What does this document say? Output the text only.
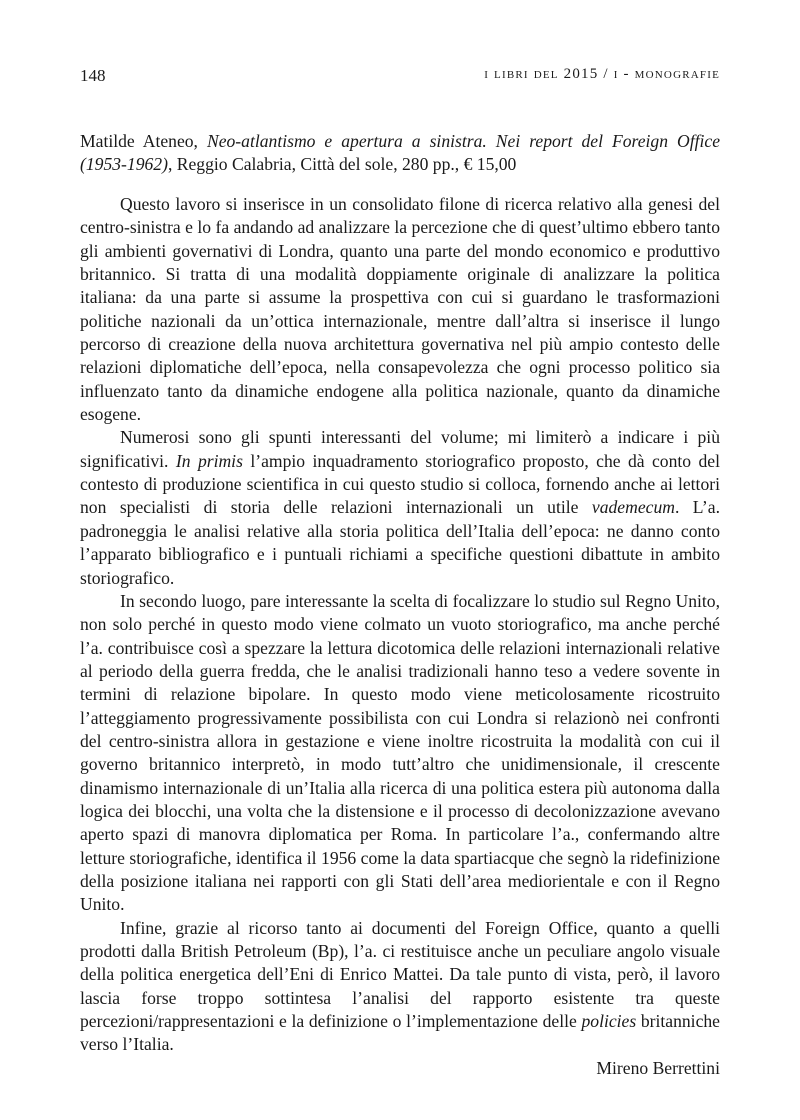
148	i libri del 2015 / i - monografie
Matilde Ateneo, Neo-atlantismo e apertura a sinistra. Nei report del Foreign Office (1953-1962), Reggio Calabria, Città del sole, 280 pp., € 15,00

Questo lavoro si inserisce in un consolidato filone di ricerca relativo alla genesi del centro-sinistra e lo fa andando ad analizzare la percezione che di quest’ultimo ebbero tanto gli ambienti governativi di Londra, quanto una parte del mondo economico e produttivo britannico. Si tratta di una modalità doppiamente originale di analizzare la politica italiana: da una parte si assume la prospettiva con cui si guardano le trasformazioni politiche nazionali da un’ottica internazionale, mentre dall’altra si inserisce il lungo percorso di creazione della nuova architettura governativa nel più ampio contesto delle relazioni diplomatiche dell’epoca, nella consapevolezza che ogni processo politico sia influenzato tanto da dinamiche endogene alla politica nazionale, quanto da dinamiche esogene.

Numerosi sono gli spunti interessanti del volume; mi limiterò a indicare i più significativi. In primis l’ampio inquadramento storiografico proposto, che dà conto del contesto di produzione scientifica in cui questo studio si colloca, fornendo anche ai lettori non specialisti di storia delle relazioni internazionali un utile vademecum. L’a. padroneggia le analisi relative alla storia politica dell’Italia dell’epoca: ne danno conto l’apparato bibliografico e i puntuali richiami a specifiche questioni dibattute in ambito storiografico.

In secondo luogo, pare interessante la scelta di focalizzare lo studio sul Regno Unito, non solo perché in questo modo viene colmato un vuoto storiografico, ma anche perché l’a. contribuisce così a spezzare la lettura dicotomica delle relazioni internazionali relative al periodo della guerra fredda, che le analisi tradizionali hanno teso a vedere sovente in termini di relazione bipolare. In questo modo viene meticolosamente ricostruito l’atteggiamento progressivamente possibilista con cui Londra si relazionò nei confronti del centro-sinistra allora in gestazione e viene inoltre ricostruita la modalità con cui il governo britannico interpretò, in modo tutt’altro che unidimensionale, il crescente dinamismo internazionale di un’Italia alla ricerca di una politica estera più autonoma dalla logica dei blocchi, una volta che la distensione e il processo di decolonizzazione avevano aperto spazi di manovra diplomatica per Roma. In particolare l’a., confermando altre letture storiografiche, identifica il 1956 come la data spartiacque che segnò la ridefinizione della posizione italiana nei rapporti con gli Stati dell’area mediorientale e con il Regno Unito.

Infine, grazie al ricorso tanto ai documenti del Foreign Office, quanto a quelli prodotti dalla British Petroleum (Bp), l’a. ci restituisce anche un peculiare angolo visuale della politica energetica dell’Eni di Enrico Mattei. Da tale punto di vista, però, il lavoro lascia forse troppo sottintesa l’analisi del rapporto esistente tra queste percezioni/rappresentazioni e la definizione o l’implementazione delle policies britanniche verso l’Italia.

Mireno Berrettini
